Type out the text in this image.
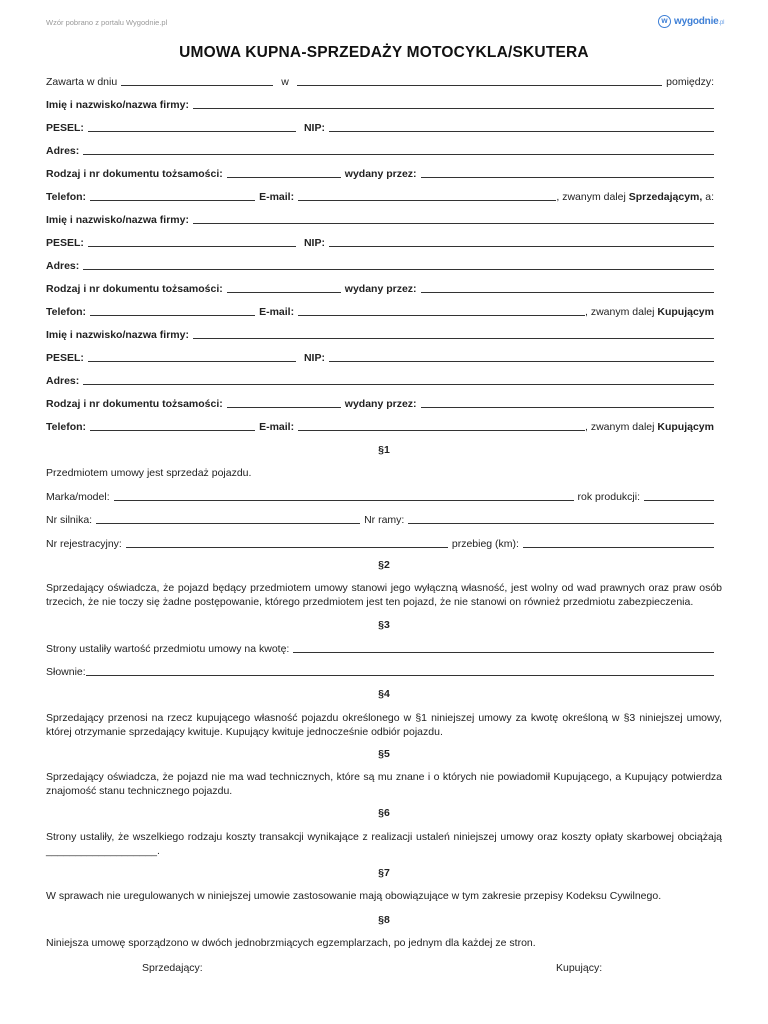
Wzór pobrano z portalu Wygodnie.pl	w wygodnie.pl
UMOWA KUPNA-SPRZEDAŻY MOTOCYKLA/SKUTERA
Zawarta w dniu	w	pomiędzy:
Imię i nazwisko/nazwa firmy:
PESEL:	NIP:
Adres:
Rodzaj i nr dokumentu tożsamości:	wydany przez:
Telefon:	E-mail:	, zwanym dalej Sprzedającym, a:
Imię i nazwisko/nazwa firmy:
PESEL:	NIP:
Adres:
Rodzaj i nr dokumentu tożsamości:	wydany przez:
Telefon:	E-mail:	, zwanym dalej Kupującym
Imię i nazwisko/nazwa firmy:
PESEL:	NIP:
Adres:
Rodzaj i nr dokumentu tożsamości:	wydany przez:
Telefon:	E-mail:	, zwanym dalej Kupującym
§1
Przedmiotem umowy jest sprzedaż pojazdu.
Marka/model:	rok produkcji:
Nr silnika:	Nr ramy:
Nr rejestracyjny:	przebieg (km):
§2
Sprzedający oświadcza, że pojazd będący przedmiotem umowy stanowi jego wyłączną własność, jest wolny od wad prawnych oraz praw osób trzecich, że nie toczy się żadne postępowanie, którego przedmiotem jest ten pojazd, że nie stanowi on również przedmiotu zabezpieczenia.
§3
Strony ustaliły wartość przedmiotu umowy na kwotę:
Słownie:
§4
Sprzedający przenosi na rzecz kupującego własność pojazdu określonego w §1 niniejszej umowy za kwotę określoną w §3 niniejszej umowy, której otrzymanie sprzedający kwituje. Kupujący kwituje jednocześnie odbiór pojazdu.
§5
Sprzedający oświadcza, że pojazd nie ma wad technicznych, które są mu znane i o których nie powiadomił Kupującego, a Kupujący potwierdza znajomość stanu technicznego pojazdu.
§6
Strony ustaliły, że wszelkiego rodzaju koszty transakcji wynikające z realizacji ustaleń niniejszej umowy oraz koszty opłaty skarbowej obciążają ___________________.
§7
W sprawach nie uregulowanych w niniejszej umowie zastosowanie mają obowiązujące w tym zakresie przepisy Kodeksu Cywilnego.
§8
Niniejsza umowę sporządzono w dwóch jednobrzmiących egzemplarzach, po jednym dla każdej ze stron.
Sprzedający:	Kupujący:
